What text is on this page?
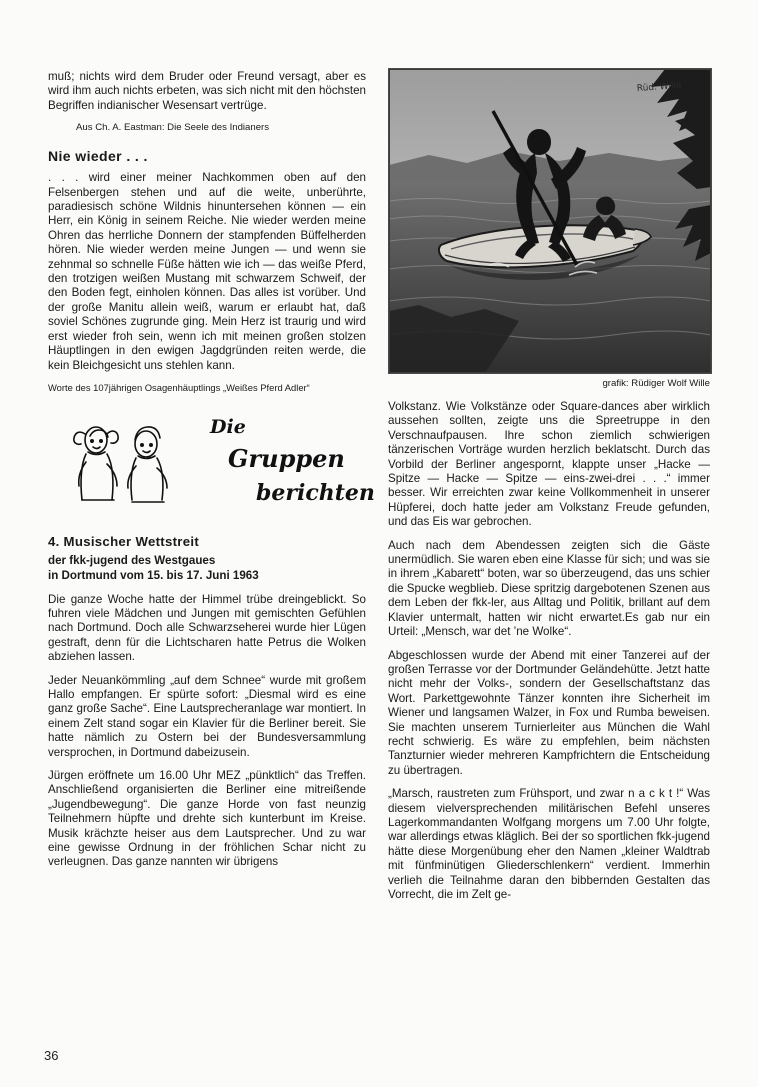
muß; nichts wird dem Bruder oder Freund versagt, aber es wird ihm auch nichts erbeten, was sich nicht mit den höchsten Begriffen indianischer Wesensart vertrüge.

Aus Ch. A. Eastman: Die Seele des Indianers

Nie wieder . . .

. . . wird einer meiner Nachkommen oben auf den Felsenbergen stehen und auf die weite, unberührte, paradiesisch schöne Wildnis hinuntersehen können — ein Herr, ein König in seinem Reiche. Nie wieder werden meine Ohren das herrliche Donnern der stampfenden Büffelherden hören. Nie wieder werden meine Jungen — und wenn sie zehnmal so schnelle Füße hätten wie ich — das weiße Pferd, den trotzigen weißen Mustang mit schwarzem Schweif, der den Boden fegt, einholen können. Das alles ist vorüber. Und der große Manitu allein weiß, warum er erlaubt hat, daß soviel Schönes zugrunde ging. Mein Herz ist traurig und wird erst wieder froh sein, wenn ich mit meinen großen stolzen Häuptlingen in den ewigen Jagdgründen reiten werde, die kein Bleichgesicht uns stehlen kann.

Worte des 107jährigen Osagenhäuptlings „Weißes Pferd Adler“

Die
Gruppen
berichten
4. Musischer Wettstreit

der fkk-jugend des Westgaues

in Dortmund vom 15. bis 17. Juni 1963

Die ganze Woche hatte der Himmel trübe dreingeblickt. So fuhren viele Mädchen und Jungen mit gemischten Gefühlen nach Dortmund. Doch alle Schwarzseherei wurde hier Lügen gestraft, denn für die Lichtscharen hatte Petrus die Wolken abziehen lassen.

Jeder Neuankömmling „auf dem Schnee“ wurde mit großem Hallo empfangen. Er spürte sofort: „Diesmal wird es eine ganz große Sache“. Eine Lautsprecheranlage war montiert. In einem Zelt stand sogar ein Klavier für die Berliner bereit. Sie hatte nämlich zu Ostern bei der Bundesversammlung versprochen, in Dortmund dabeizusein.

Jürgen eröffnete um 16.00 Uhr MEZ „pünktlich“ das Treffen. Anschließend organisierten die Berliner eine mitreißende „Jugendbewegung“. Die ganze Horde von fast neunzig Teilnehmern hüpfte und drehte sich kunterbunt im Kreise. Musik krächzte heiser aus dem Lautsprecher. Und zu war eine gewisse Ordnung in der fröhlichen Schar nicht zu verleugnen. Das ganze nannten wir übrigens

Rüd. Wille
grafik: Rüdiger Wolf Wille

Volkstanz. Wie Volkstänze oder Square-dances aber wirklich aussehen sollten, zeigte uns die Spreetruppe in den Verschnaufpausen. Ihre schon ziemlich schwierigen tänzerischen Vorträge wurden herzlich beklatscht. Durch das Vorbild der Berliner angespornt, klappte unser „Hacke — Spitze — Hacke — Spitze — eins-zwei-drei . . .“ immer besser. Wir erreichten zwar keine Vollkommenheit in unserer Hüpferei, doch hatte jeder am Volkstanz Freude gefunden, und das Eis war gebrochen.

Auch nach dem Abendessen zeigten sich die Gäste unermüdlich. Sie waren eben eine Klasse für sich; und was sie in ihrem „Kabarett“ boten, war so überzeugend, das uns schier die Spucke wegblieb. Diese spritzig dargebotenen Szenen aus dem Leben der fkk-ler, aus Alltag und Politik, brillant auf dem Klavier untermalt, hatten wir nicht erwartet.Es gab nur ein Urteil: „Mensch, war det ’ne Wolke“.

Abgeschlossen wurde der Abend mit einer Tanzerei auf der großen Terrasse vor der Dortmunder Geländehütte. Jetzt hatte nicht mehr der Volks-, sondern der Gesellschaftstanz das Wort. Parkettgewohnte Tänzer konnten ihre Sicherheit im Wiener und langsamen Walzer, in Fox und Rumba beweisen. Sie machten unserem Turnierleiter aus München die Wahl recht schwierig. Es wäre zu empfehlen, beim nächsten Tanzturnier wieder mehreren Kampfrichtern die Entscheidung zu übertragen.

„Marsch, raustreten zum Frühsport, und zwar n a c k t !“ Was diesem vielversprechenden militärischen Befehl unseres Lagerkommandanten Wolfgang morgens um 7.00 Uhr folgte, war allerdings etwas kläglich. Bei der so sportlichen fkk-jugend hätte diese Morgenübung eher den Namen „kleiner Waldtrab mit fünfminütigen Gliederschlenkern“ verdient. Immerhin verlieh die Teilnahme daran den bibbernden Gestalten das Vorrecht, die im Zelt ge-

36
